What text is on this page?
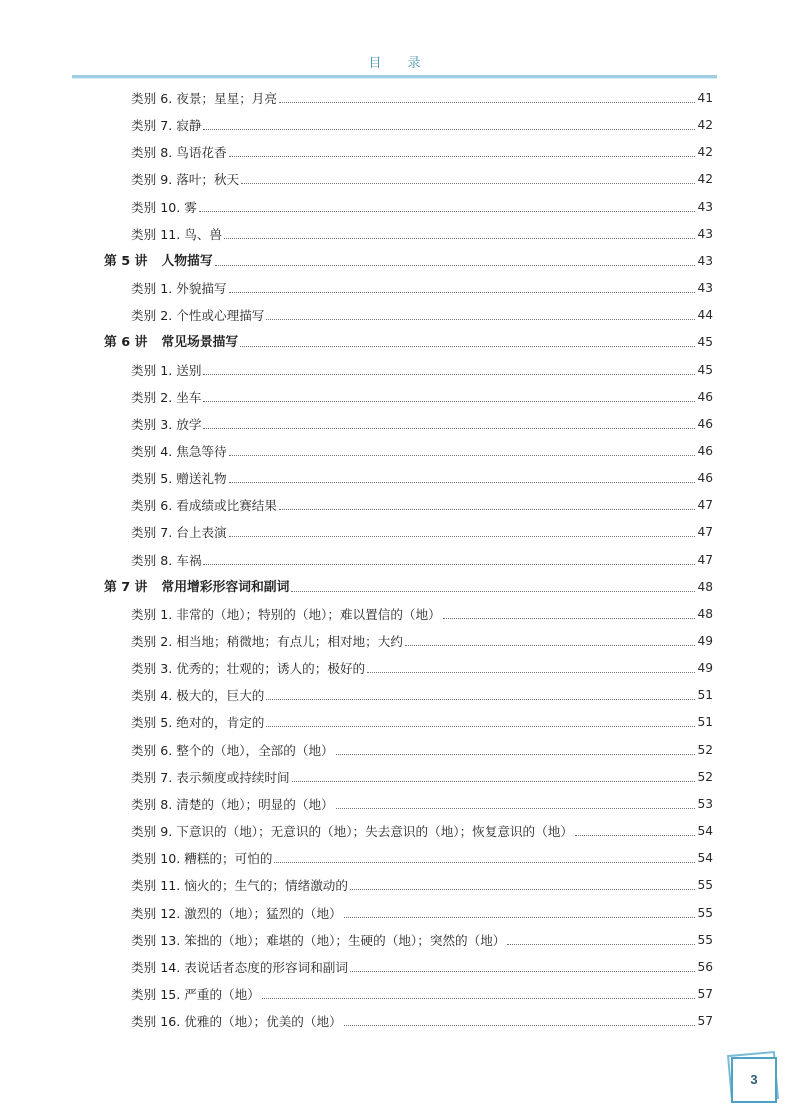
目录
类别 6. 夜景；星星；月亮	41
类别 7. 寂静	42
类别 8. 鸟语花香	42
类别 9. 落叶；秋天	42
类别 10. 雾	43
类别 11. 鸟、兽	43
第 5 讲 人物描写	43
类别 1. 外貌描写	43
类别 2. 个性或心理描写	44
第 6 讲 常见场景描写	45
类别 1. 送别	45
类别 2. 坐车	46
类别 3. 放学	46
类别 4. 焦急等待	46
类别 5. 赠送礼物	46
类别 6. 看成绩或比赛结果	47
类别 7. 台上表演	47
类别 8. 车祸	47
第 7 讲 常用增彩形容词和副词	48
类别 1. 非常的（地）；特别的（地）；难以置信的（地）	48
类别 2. 相当地；稍微地；有点儿；相对地；大约	49
类别 3. 优秀的；壮观的；诱人的；极好的	49
类别 4. 极大的，巨大的	51
类别 5. 绝对的，肯定的	51
类别 6. 整个的（地），全部的（地）	52
类别 7. 表示频度或持续时间	52
类别 8. 清楚的（地）；明显的（地）	53
类别 9. 下意识的（地）；无意识的（地）；失去意识的（地）；恢复意识的（地）	54
类别 10. 糟糕的；可怕的	54
类别 11. 恼火的；生气的；情绪激动的	55
类别 12. 激烈的（地）；猛烈的（地）	55
类别 13. 笨拙的（地）；难堪的（地）；生硬的（地）；突然的（地）	55
类别 14. 表说话者态度的形容词和副词	56
类别 15. 严重的（地）	57
类别 16. 优雅的（地）；优美的（地）	57
3
